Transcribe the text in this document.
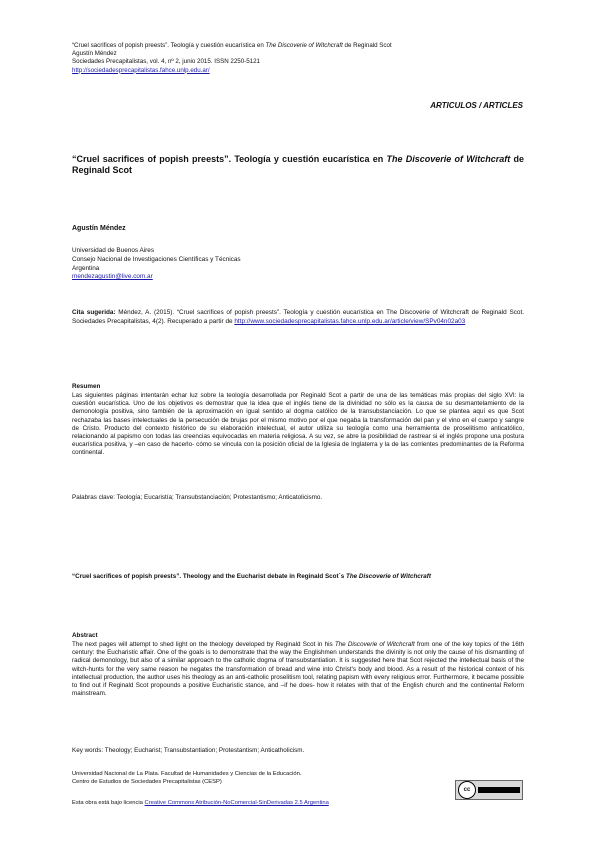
“Cruel sacrifices of popish preests”. Teología y cuestión eucarística en The Discoverie of Witchcraft de Reginald Scot
Agustín Méndez
Sociedades Precapitalistas, vol. 4, nº 2, junio 2015. ISSN 2250-5121
http://sociedadesprecapitalistas.fahce.unlp.edu.ar/
ARTICULOS / ARTICLES
“Cruel sacrifices of popish preests”. Teología y cuestión eucarística en The Discoverie of Witchcraft de Reginald Scot
Agustín Méndez
Universidad de Buenos Aires
Consejo Nacional de Investigaciones Científicas y Técnicas
Argentina
mendezagustin@live.com.ar
Cita sugerida: Méndez, A. (2015). “Cruel sacrifices of popish preests”. Teología y cuestión eucarística en The Discoverie of Witchcraft de Reginald Scot. Sociedades Precapitalistas, 4(2). Recuperado a partir de http://www.sociedadesprecapitalistas.fahce.unlp.edu.ar/article/view/SPv04n02a03
Resumen
Las siguientes páginas intentarán echar luz sobre la teología desarrollada por Reginald Scot a partir de una de las temáticas más propias del siglo XVI: la cuestión eucarística. Uno de los objetivos es demostrar que la idea que el inglés tiene de la divinidad no sólo es la causa de su desmantelamiento de la demonología positiva, sino también de la aproximación en igual sentido al dogma católico de la transubstanciación. Lo que se plantea aquí es que Scot rechazaba las bases intelectuales de la persecución de brujas por el mismo motivo por el que negaba la transformación del pan y el vino en el cuerpo y sangre de Cristo. Producto del contexto histórico de su elaboración intelectual, el autor utiliza su teología como una herramienta de proselitismo anticatólico, relacionando al papismo con todas las creencias equivocadas en materia religiosa. A su vez, se abre la posibilidad de rastrear si el inglés propone una postura eucarística positiva, y –en caso de hacerlo- cómo se vincula con la posición oficial de la Iglesia de Inglaterra y la de las corrientes predominantes de la Reforma continental.
Palabras clave: Teología; Eucaristía; Transubstanciación; Protestantismo; Anticatolicismo.
“Cruel sacrifices of popish preests”. Theology and the Eucharist debate in Reginald Scot´s The Discoverie of Witchcraft
Abstract
The next pages will attempt to shed light on the theology developed by Reginald Scot in his The Discoverie of Witchcraft from one of the key topics of the 16th century: the Eucharistic affair. One of the goals is to demonstrate that the way the Englishmen understands the divinity is not only the cause of his dismantling of radical demonology, but also of a similar approach to the catholic dogma of transubstantiation. It is suggested here that Scot rejected the intellectual basis of the witch-hunts for the very same reason he negates the transformation of bread and wine into Christ's body and blood. As a result of the historical context of his intellectual production, the author uses his theology as an anti-catholic proselitism tool, relating papism with every religious error. Furthermore, it became possible to find out if Reginald Scot propounds a positive Eucharistic stance, and –if he does- how it relates with that of the English church and the continental Reform mainstream.
Key words: Theology; Eucharist; Transubstantiation; Protestantism; Anticatholicism.
Universidad Nacional de La Plata. Facultad de Humanidades y Ciencias de la Educación.
Centro de Estudios de Sociedades Precapitalistas (CESP)
Esta obra está bajo licencia Creative Commons Atribución-NoComercial-SinDerivadas 2.5 Argentina
cc
